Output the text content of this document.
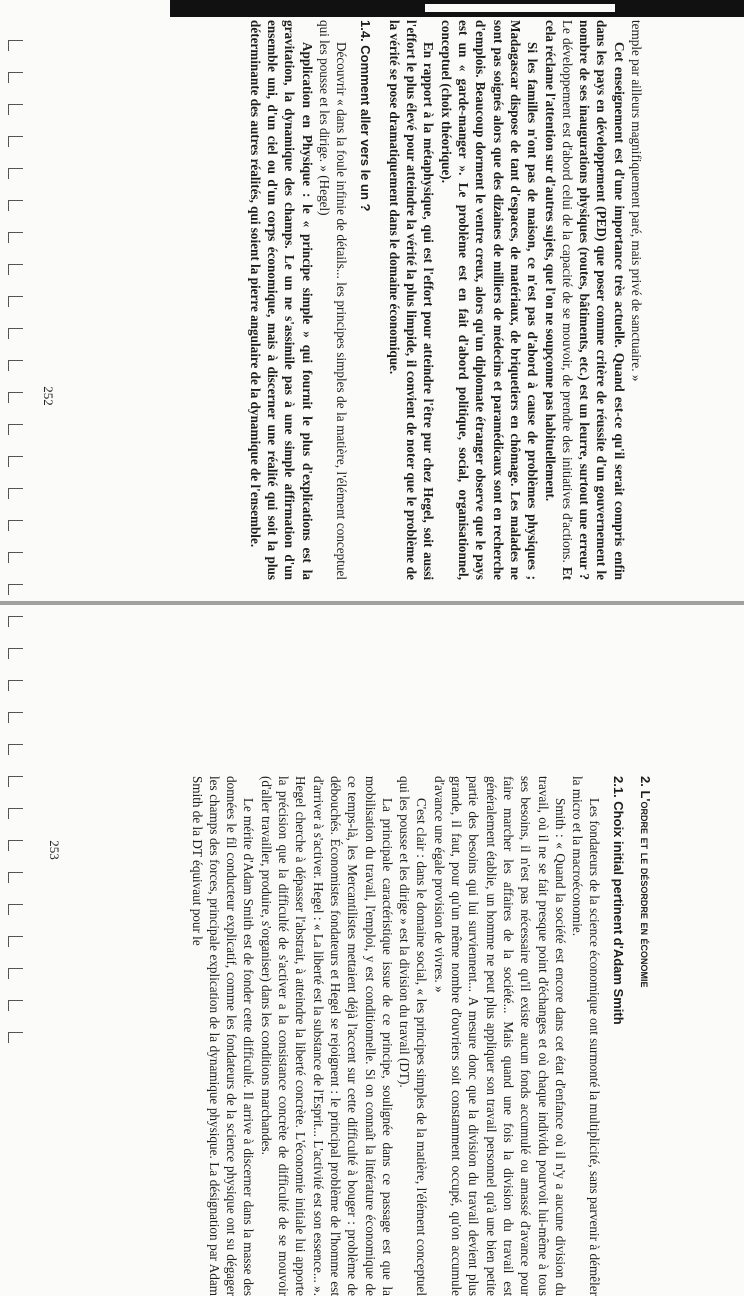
temple par ailleurs magnifiquement paré, mais privé de sanctuaire. »

Cet enseignement est d'une importance très actuelle. Quand est-ce qu'il serait compris enfin dans les pays en développement (PED) que poser comme critère de réussite d'un gouvernement le nombre de ses inaugurations physiques (routes, bâtiments, etc.) est un leurre, surtout une erreur ? Le développement est d'abord celui de la capacité de se mouvoir, de prendre des initiatives d'actions. Et cela réclame l'attention sur d'autres sujets, que l'on ne soupçonne pas habituellement.

Si les familles n'ont pas de maison, ce n'est pas d'abord à cause de problèmes physiques ; Madagascar dispose de tant d'espaces, de matériaux, de briquetiers en chômage. Les malades ne sont pas soignés alors que des dizaines de milliers de médecins et paramédicaux sont en recherche d'emplois. Beaucoup dorment le ventre creux, alors qu'un diplomate étranger observe que le pays est un « garde-manger ». Le problème est en fait d'abord politique, social, organisationnel, conceptuel (choix théorique).

En rapport à la métaphysique, qui est l'effort pour atteindre l'être pur chez Hegel, soit aussi l'effort le plus élevé pour atteindre la vérité la plus limpide, il convient de noter que le problème de la vérité se pose dramatiquement dans le domaine économique.

1.4. Comment aller vers le un ?

Découvrir « dans la foule infinie de détails... les principes simples de la matière, l'élément conceptuel qui les pousse et les dirige. » (Hegel)

Application en Physique : le « principe simple » qui fournit le plus d'explications est la gravitation, la dynamique des champs. Le un ne s'assimile pas à une simple affirmation d'un ensemble uni, d'un ciel ou d'un corps économique, mais à discerner une réalité qui soit la plus déterminante des autres réalités, qui soient la pierre angulaire de la dynamique de l'ensemble.

252
2. L'ordre et le désordre en économie
2.1. Choix initial pertinent d'Adam Smith

Les fondateurs de la science économique ont surmonté la multiplicité, sans parvenir à démêler la micro et la macroéconomie.

Smith : « Quand la société est encore dans cet état d'enfance où il n'y a aucune division du travail, où il ne se fait presque point d'échanges et où chaque individu pourvoit lui-même à tous ses besoins, il n'est pas nécessaire qu'il existe aucun fonds accumulé ou amassé d'avance pour faire marcher les affaires de la société... Mais quand une fois la division du travail est généralement établie, un homme ne peut plus appliquer son travail personnel qu'à une bien petite partie des besoins qui lui surviennent... A mesure donc que la division du travail devient plus grande, il faut, pour qu'un même nombre d'ouvriers soit constamment occupé, qu'on accumule d'avance une égale provision de vivres. »

C'est clair : dans le domaine social, « les principes simples de la matière, l'élément conceptuel qui les pousse et les dirige » est la division du travail (DT).

La principale caractéristique issue de ce principe, soulignée dans ce passage est que la mobilisation du travail, l'emploi, y est conditionnelle. Si on connaît la littérature économique de ce temps-là, les Mercantilistes mettaient déjà l'accent sur cette difficulté à bouger : problème de débouchés. Économistes fondateurs et Hegel se rejoignent : le principal problème de l'homme est d'arriver à s'activer. Hegel : « La liberté est la substance de l'Esprit... L'activité est son essence... ». Hegel cherche à dépasser l'abstrait, à atteindre la liberté concrète. L'économie initiale lui apporte la précision que la difficulté de s'activer a la consistance concrète de difficulté de se mouvoir (d'aller travailler, produire, s'organiser) dans les conditions marchandes.

Le mérite d'Adam Smith est de fonder cette difficulté. Il arrive à discerner dans la masse des données le fil conducteur explicatif, comme les fondateurs de la science physique ont su dégager les champs des forces, principale explication de la dynamique physique. La désignation par Adam Smith de la DT équivaut pour le

253
